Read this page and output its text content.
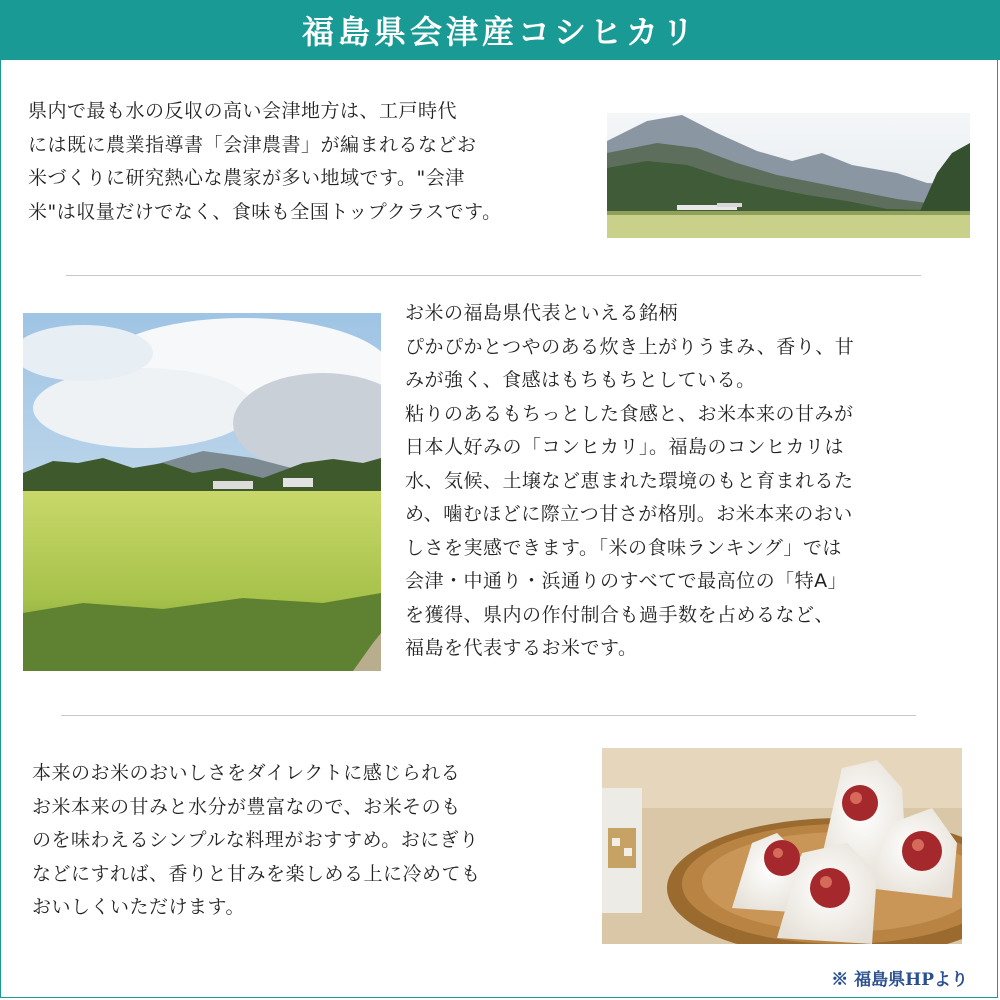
福島県会津産コシヒカリ

県内で最も水の反収の高い会津地方は、工戸時代

には既に農業指導書「会津農書」が編まれるなどお

米づくりに研究熱心な農家が多い地域です。"会津

米"は収量だけでなく、食味も全国トップクラスです。

お米の福島県代表といえる銘柄

ぴかぴかとつやのある炊き上がりうまみ、香り、甘

みが強く、食感はもちもちとしている。

粘りのあるもちっとした食感と、お米本来の甘みが

日本人好みの「コンヒカリ」。福島のコンヒカリは

水、気候、土壌など恵まれた環境のもと育まれるた

め、噛むほどに際立つ甘さが格別。お米本来のおい

しさを実感できます。「米の食味ランキング」では

会津・中通り・浜通りのすべてで最高位の「特A」

を獲得、県内の作付制合も過手数を占めるなど、

福島を代表するお米です。

本来のお米のおいしさをダイレクトに感じられる

お米本来の甘みと水分が豊富なので、お米そのも

のを味わえるシンプルな料理がおすすめ。おにぎり

などにすれば、香りと甘みを楽しめる上に冷めても

おいしくいただけます。

※ 福島県HPより
